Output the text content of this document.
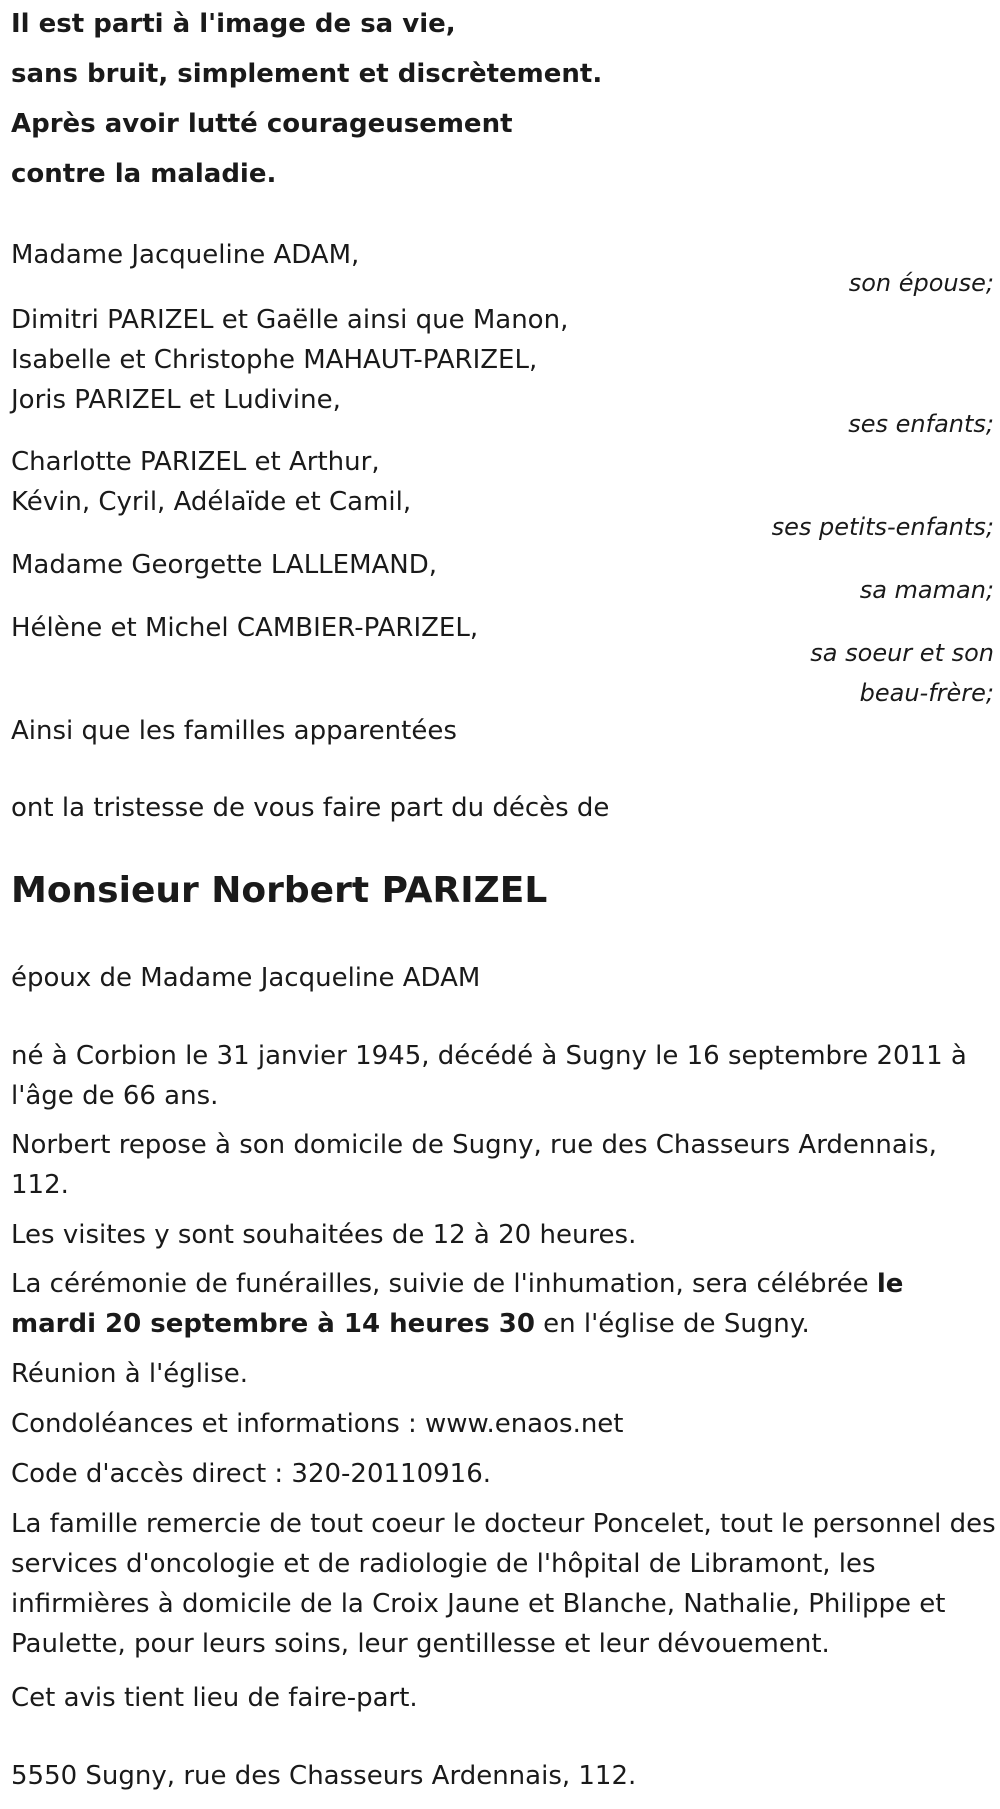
Il est parti à l'image de sa vie,
sans bruit, simplement et discrètement.
Après avoir lutté courageusement
contre la maladie.
Madame Jacqueline ADAM,
son épouse;
Dimitri PARIZEL et Gaëlle ainsi que Manon,
Isabelle et Christophe MAHAUT-PARIZEL,
Joris PARIZEL et Ludivine,
ses enfants;
Charlotte PARIZEL et Arthur,
Kévin, Cyril, Adélaïde et Camil,
ses petits-enfants;
Madame Georgette LALLEMAND,
sa maman;
Hélène et Michel CAMBIER-PARIZEL,
sa soeur et son
beau-frère;
Ainsi que les familles apparentées
ont la tristesse de vous faire part du décès de
Monsieur Norbert PARIZEL
époux de Madame Jacqueline ADAM
né à Corbion le 31 janvier 1945, décédé à Sugny le 16 septembre 2011 à l'âge de 66 ans.
Norbert repose à son domicile de Sugny, rue des Chasseurs Ardennais, 112.
Les visites y sont souhaitées de 12 à 20 heures.
La cérémonie de funérailles, suivie de l'inhumation, sera célébrée le mardi 20 septembre à 14 heures 30 en l'église de Sugny.
Réunion à l'église.
Condoléances et informations : www.enaos.net
Code d'accès direct : 320-20110916.
La famille remercie de tout coeur le docteur Poncelet, tout le personnel des services d'oncologie et de radiologie de l'hôpital de Libramont, les infirmières à domicile de la Croix Jaune et Blanche, Nathalie, Philippe et Paulette, pour leurs soins, leur gentillesse et leur dévouement.
Cet avis tient lieu de faire-part.
5550 Sugny, rue des Chasseurs Ardennais, 112.
